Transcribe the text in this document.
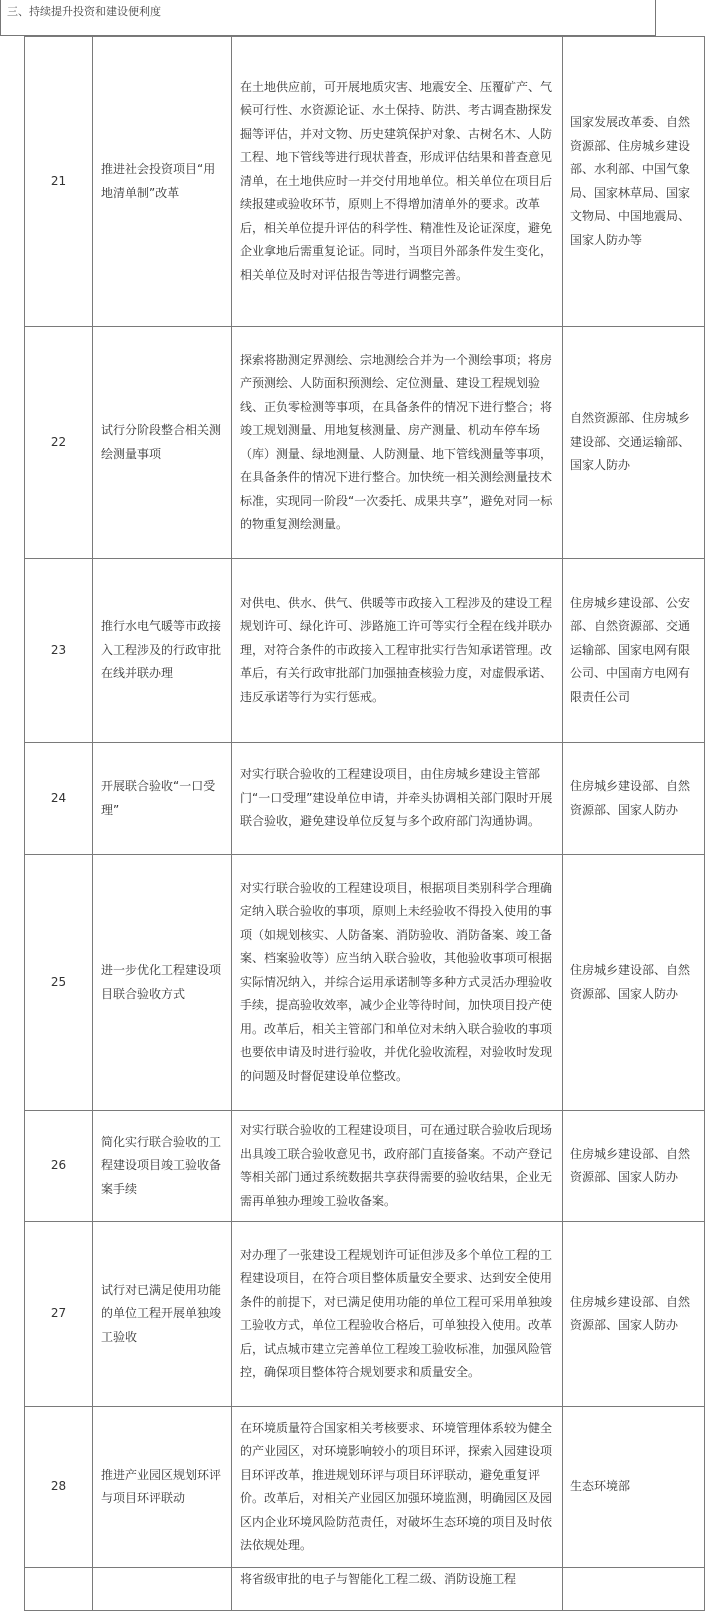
三、持续提升投资和建设便利度
21	推进社会投资项目“用地清单制”改革	在土地供应前，可开展地质灾害、地震安全、压覆矿产、气候可行性、水资源论证、水土保持、防洪、考古调查勘探发掘等评估，并对文物、历史建筑保护对象、古树名木、人防工程、地下管线等进行现状普查，形成评估结果和普查意见清单，在土地供应时一并交付用地单位。相关单位在项目后续报建或验收环节，原则上不得增加清单外的要求。改革后，相关单位提升评估的科学性、精准性及论证深度，避免企业拿地后需重复论证。同时，当项目外部条件发生变化，相关单位及时对评估报告等进行调整完善。	国家发展改革委、自然资源部、住房城乡建设部、水利部、中国气象局、国家林草局、国家文物局、中国地震局、国家人防办等
22	试行分阶段整合相关测绘测量事项	探索将勘测定界测绘、宗地测绘合并为一个测绘事项；将房产预测绘、人防面积预测绘、定位测量、建设工程规划验线、正负零检测等事项，在具备条件的情况下进行整合；将竣工规划测量、用地复核测量、房产测量、机动车停车场（库）测量、绿地测量、人防测量、地下管线测量等事项，在具备条件的情况下进行整合。加快统一相关测绘测量技术标准，实现同一阶段“一次委托、成果共享”，避免对同一标的物重复测绘测量。	自然资源部、住房城乡建设部、交通运输部、国家人防办
23	推行水电气暖等市政接入工程涉及的行政审批在线并联办理	对供电、供水、供气、供暖等市政接入工程涉及的建设工程规划许可、绿化许可、涉路施工许可等实行全程在线并联办理，对符合条件的市政接入工程审批实行告知承诺管理。改革后，有关行政审批部门加强抽查核验力度，对虚假承诺、违反承诺等行为实行惩戒。	住房城乡建设部、公安部、自然资源部、交通运输部、国家电网有限公司、中国南方电网有限责任公司
24	开展联合验收“一口受理”	对实行联合验收的工程建设项目，由住房城乡建设主管部门“一口受理”建设单位申请，并牵头协调相关部门限时开展联合验收，避免建设单位反复与多个政府部门沟通协调。	住房城乡建设部、自然资源部、国家人防办
25	进一步优化工程建设项目联合验收方式	对实行联合验收的工程建设项目，根据项目类别科学合理确定纳入联合验收的事项，原则上未经验收不得投入使用的事项（如规划核实、人防备案、消防验收、消防备案、竣工备案、档案验收等）应当纳入联合验收，其他验收事项可根据实际情况纳入，并综合运用承诺制等多种方式灵活办理验收手续，提高验收效率，减少企业等待时间，加快项目投产使用。改革后，相关主管部门和单位对未纳入联合验收的事项也要依申请及时进行验收，并优化验收流程，对验收时发现的问题及时督促建设单位整改。	住房城乡建设部、自然资源部、国家人防办
26	简化实行联合验收的工程建设项目竣工验收备案手续	对实行联合验收的工程建设项目，可在通过联合验收后现场出具竣工联合验收意见书，政府部门直接备案。不动产登记等相关部门通过系统数据共享获得需要的验收结果，企业无需再单独办理竣工验收备案。	住房城乡建设部、自然资源部、国家人防办
27	试行对已满足使用功能的单位工程开展单独竣工验收	对办理了一张建设工程规划许可证但涉及多个单位工程的工程建设项目，在符合项目整体质量安全要求、达到安全使用条件的前提下，对已满足使用功能的单位工程可采用单独竣工验收方式，单位工程验收合格后，可单独投入使用。改革后，试点城市建立完善单位工程竣工验收标准，加强风险管控，确保项目整体符合规划要求和质量安全。	住房城乡建设部、自然资源部、国家人防办
28	推进产业园区规划环评与项目环评联动	在环境质量符合国家相关考核要求、环境管理体系较为健全的产业园区，对环境影响较小的项目环评，探索入园建设项目环评改革，推进规划环评与项目环评联动，避免重复评价。改革后，对相关产业园区加强环境监测，明确园区及园区内企业环境风险防范责任，对破坏生态环境的项目及时依法依规处理。	生态环境部
		将省级审批的电子与智能化工程二级、消防设施工程	
